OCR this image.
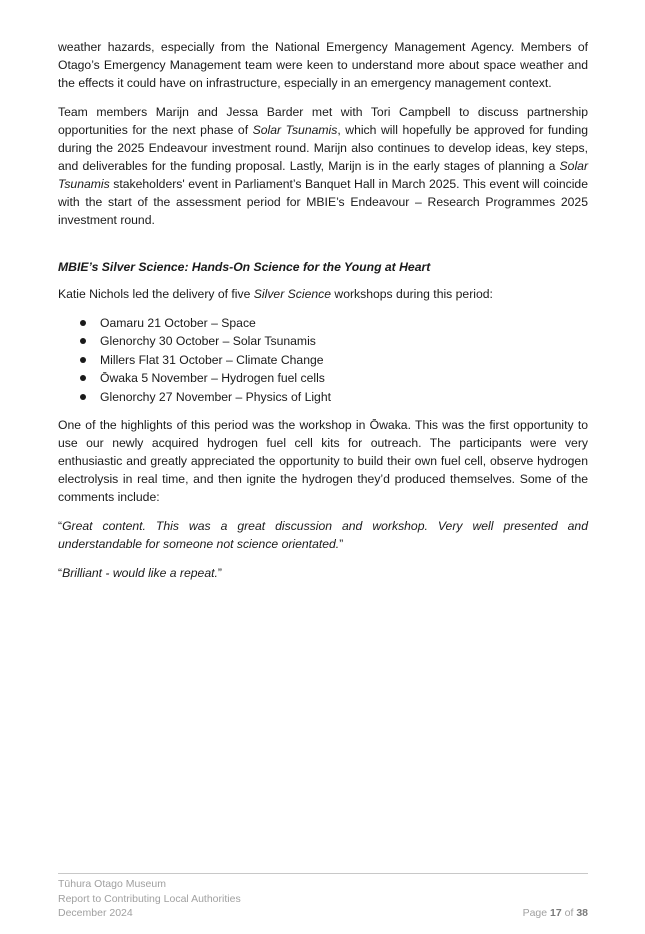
weather hazards, especially from the National Emergency Management Agency. Members of Otago’s Emergency Management team were keen to understand more about space weather and the effects it could have on infrastructure, especially in an emergency management context.

Team members Marijn and Jessa Barder met with Tori Campbell to discuss partnership opportunities for the next phase of Solar Tsunamis, which will hopefully be approved for funding during the 2025 Endeavour investment round. Marijn also continues to develop ideas, key steps, and deliverables for the funding proposal. Lastly, Marijn is in the early stages of planning a Solar Tsunamis stakeholders' event in Parliament’s Banquet Hall in March 2025. This event will coincide with the start of the assessment period for MBIE’s Endeavour – Research Programmes 2025 investment round.

MBIE’s Silver Science: Hands-On Science for the Young at Heart

Katie Nichols led the delivery of five Silver Science workshops during this period:

Oamaru 21 October – Space
Glenorchy 30 October – Solar Tsunamis
Millers Flat 31 October – Climate Change
Ōwaka 5 November – Hydrogen fuel cells
Glenorchy 27 November – Physics of Light

One of the highlights of this period was the workshop in Ōwaka. This was the first opportunity to use our newly acquired hydrogen fuel cell kits for outreach. The participants were very enthusiastic and greatly appreciated the opportunity to build their own fuel cell, observe hydrogen electrolysis in real time, and then ignite the hydrogen they’d produced themselves. Some of the comments include:

“Great content. This was a great discussion and workshop. Very well presented and understandable for someone not science orientated.”

“Brilliant - would like a repeat.”

Tūhura Otago Museum
Report to Contributing Local Authorities
December 2024	Page 17 of 38
